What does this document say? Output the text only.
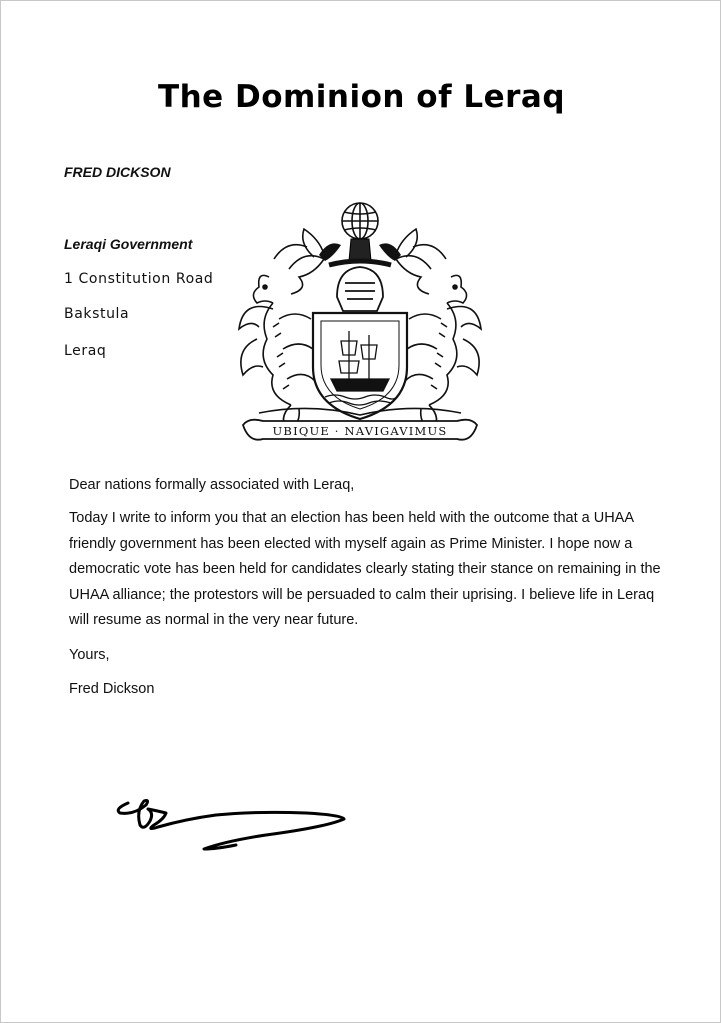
The Dominion of Leraq
FRED DICKSON
Leraqi Government
1 Constitution Road
Bakstula
Leraq
UBIQUE · NAVIGAVIMUS
Dear nations formally associated with Leraq,
Today I write to inform you that an election has been held with the outcome that a UHAA friendly government has been elected with myself again as Prime Minister. I hope now a democratic vote has been held for candidates clearly stating their stance on remaining in the UHAA alliance; the protestors will be persuaded to calm their uprising. I believe life in Leraq will resume as normal in the very near future.
Yours,
Fred Dickson
